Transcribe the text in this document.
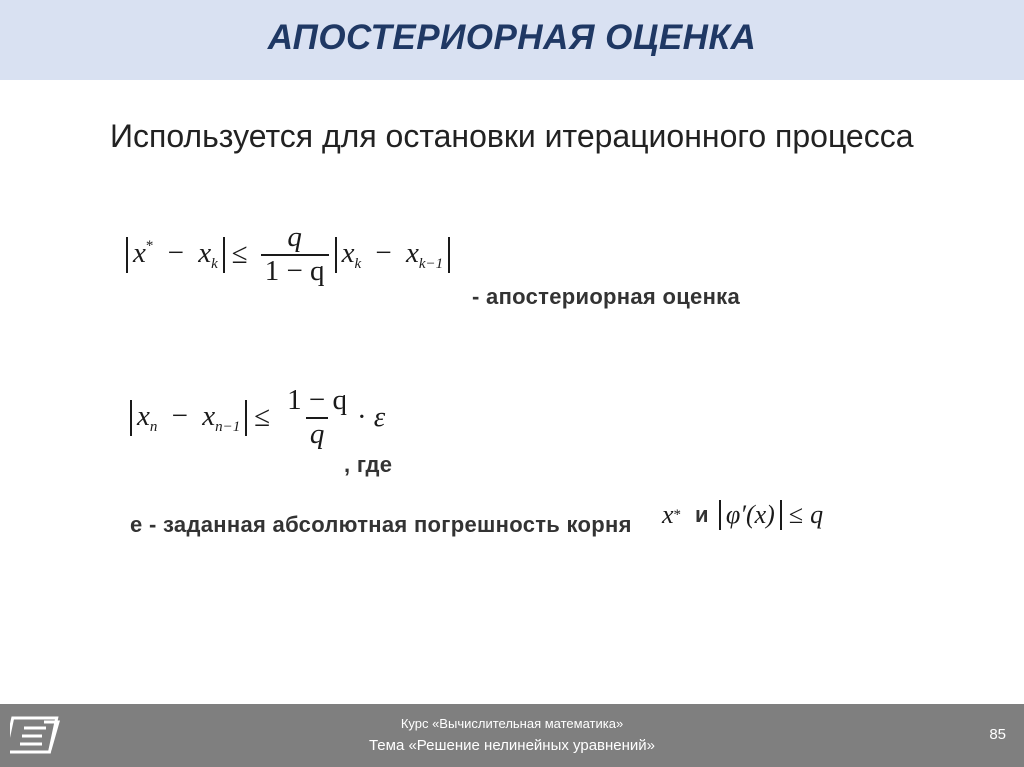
АПОСТЕРИОРНАЯ ОЦЕНКА
Используется для остановки итерационного процесса
$x^* - x_k \le \frac{q}{1 - q} x_k - x_{k-1}$
- апостериорная оценка
$x_n - x_{n-1} \le \frac{1 - q}{q} \cdot \varepsilon$
, где
e - заданная абсолютная погрешность корня x * и φ′(x) ≤ q
Курс «Вычислительная математика»
Тема «Решение нелинейных уравнений»
85
